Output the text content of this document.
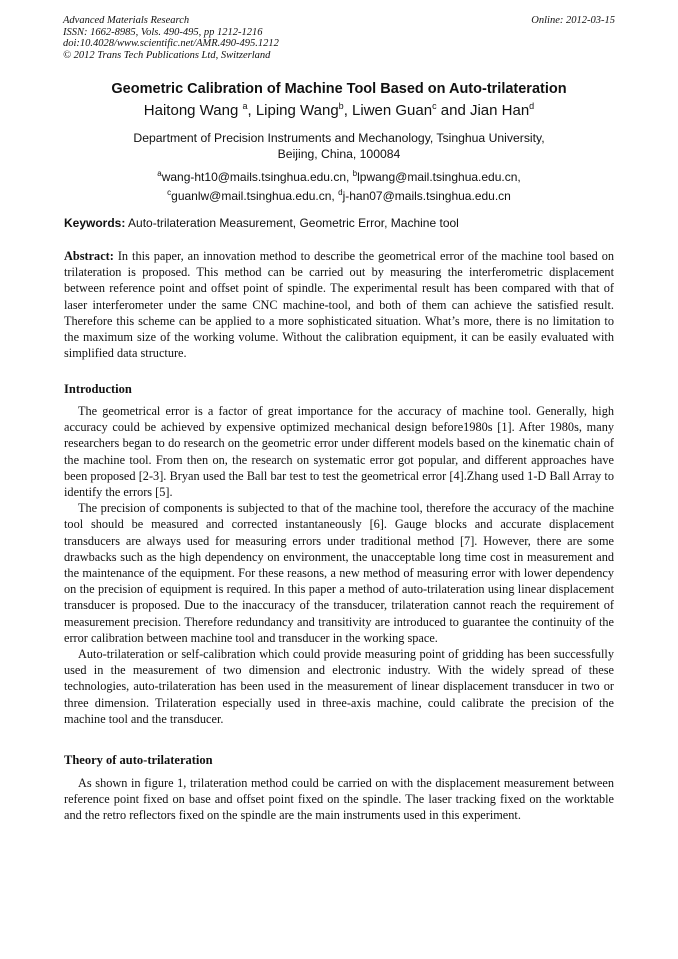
Advanced Materials Research
ISSN: 1662-8985, Vols. 490-495, pp 1212-1216
doi:10.4028/www.scientific.net/AMR.490-495.1212
© 2012 Trans Tech Publications Ltd, Switzerland
Online: 2012-03-15
Geometric Calibration of Machine Tool Based on Auto-trilateration
Haitong Wang $^a$, Liping Wang$^b$, Liwen Guan$^c$ and Jian Han$^d$
Department of Precision Instruments and Mechanology, Tsinghua University,
Beijing, China, 100084
$^a$wang-ht10@mails.tsinghua.edu.cn, $^b$lpwang@mail.tsinghua.edu.cn,
$^c$guanlw@mail.tsinghua.edu.cn, $^d$j-han07@mails.tsinghua.edu.cn
Keywords: Auto-trilateration Measurement, Geometric Error, Machine tool
Abstract: In this paper, an innovation method to describe the geometrical error of the machine tool based on trilateration is proposed. This method can be carried out by measuring the interferometric displacement between reference point and offset point of spindle. The experimental result has been compared with that of laser interferometer under the same CNC machine-tool, and both of them can achieve the satisfied result. Therefore this scheme can be applied to a more sophisticated situation. What’s more, there is no limitation to the maximum size of the working volume. Without the calibration equipment, it can be easily evaluated with simplified data structure.
Introduction

The geometrical error is a factor of great importance for the accuracy of machine tool. Generally, high accuracy could be achieved by expensive optimized mechanical design before1980s [1]. After 1980s, many researchers began to do research on the geometric error under different models based on the kinematic chain of the machine tool. From then on, the research on systematic error got popular, and different approaches have been proposed [2-3]. Bryan used the Ball bar test to test the geometrical error [4].Zhang used 1-D Ball Array to identify the errors [5].

The precision of components is subjected to that of the machine tool, therefore the accuracy of the machine tool should be measured and corrected instantaneously [6]. Gauge blocks and accurate displacement transducers are always used for measuring errors under traditional method [7]. However, there are some drawbacks such as the high dependency on environment, the unacceptable long time cost in measurement and the maintenance of the equipment. For these reasons, a new method of measuring error with lower dependency on the precision of equipment is required. In this paper a method of auto-trilateration using linear displacement transducer is proposed. Due to the inaccuracy of the transducer, trilateration cannot reach the requirement of measurement precision. Therefore redundancy and transitivity are introduced to guarantee the continuity of the error calibration between machine tool and transducer in the working space.

Auto-trilateration or self-calibration which could provide measuring point of gridding has been successfully used in the measurement of two dimension and electronic industry. With the widely spread of these technologies, auto-trilateration has been used in the measurement of linear displacement transducer in two or three dimension. Trilateration especially used in three-axis machine, could calibrate the precision of the machine tool and the transducer.

Theory of auto-trilateration

As shown in figure 1, trilateration method could be carried on with the displacement measurement between reference point fixed on base and offset point fixed on the spindle. The laser tracking fixed on the worktable and the retro reflectors fixed on the spindle are the main instruments used in this experiment.
